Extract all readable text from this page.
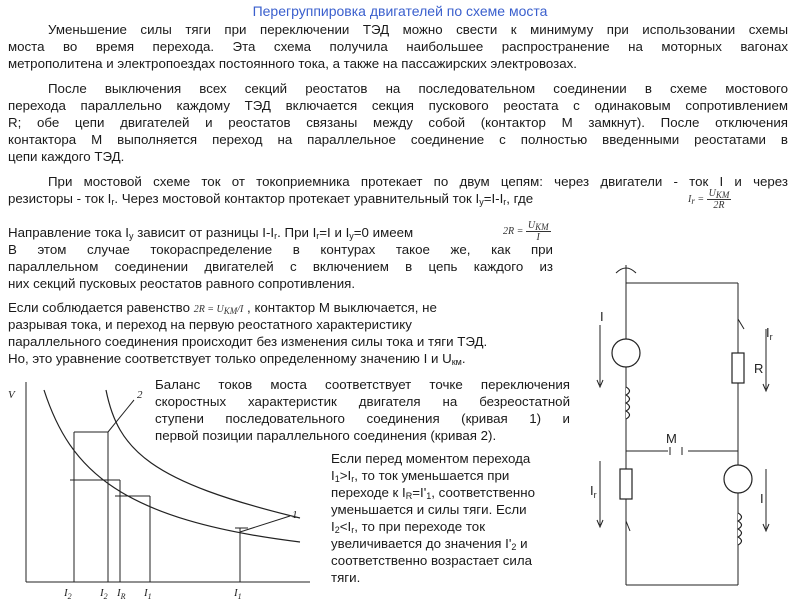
Перегруппировка двигателей по схеме моста
Уменьшение силы тяги при переключении ТЭД можно свести к минимуму при использовании схемы
моста во время перехода. Эта схема получила наибольшее распространение на моторных вагонах
метрополитена и электропоездах постоянного тока, а также на пассажирских электровозах.
После выключения всех секций реостатов на последовательном соединении в схеме мостового
перехода параллельно каждому ТЭД включается секция пускового реостата с одинаковым сопротивлением
R; обе цепи двигателей и реостатов связаны между собой (контактор М замкнут). После отключения
контактора М выполняется переход на параллельное соединение с полностью введенными реостатами в
цепи каждого ТЭД.
При мостовой схеме ток от токоприемника протекает по двум цепям: через двигатели - ток I и через
резисторы - ток $I_r$. Через мостовой контактор протекает уравнительный ток $I_y=I-I_r$, где	$I_r = \frac{U_{КМ}}{2R}$
Направление тока $I_у$ зависит от разницы $I-I_r$. При $I_r=I$ и $I_y=0$ имеем	$2R = \frac{U_{КМ}}{I}$
В этом случае токораспределение в контурах такое же, как при
параллельном соединении двигателей с включением в цепь каждого из
них секций пусковых реостатов равного сопротивления.
Если соблюдается равенство $2R = U_{КМ}/I$ , контактор М выключается, не
разрывая тока, и переход на первую реостатного характеристику
параллельного соединения происходит без изменения силы тока и тяги ТЭД.
Но, это уравнение соответствует только определенному значению I и $U_{км}$.
Баланс токов моста соответствует точке переключения
скоростных характеристик двигателя на безреостатной
ступени последовательного соединения (кривая 1) и
первой позиции параллельного соединения (кривая 2).
Если перед моментом перехода
$I_1>I_r$, то ток уменьшается при
переходе к $I_R=I'_1$, соответственно
уменьшается и силы тяги. Если
$I_2<I_r$, то при переходе ток
увеличивается до значения $I'_2$ и
соответственно возрастает сила
тяги.
V	2
1
$I_2$	$I_2$ $I_R$ $I_1$	$I_1$
I
$I_r$
R
M
$I_r$	I
